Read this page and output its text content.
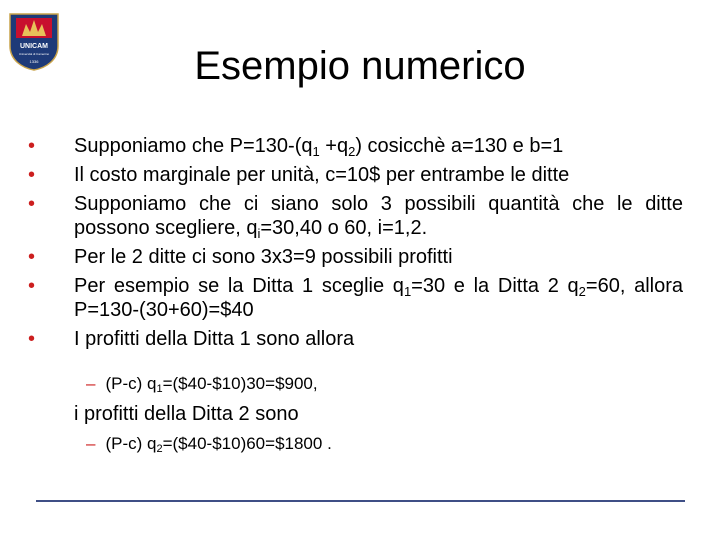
UNICAM
Università di Camerino
1336	Esempio numerico
• Supponiamo che $P=130-(q_1 +q_2)$ cosicchè a=130 e b=1
• Il costo marginale per unità, c=10$ per entrambe le ditte
• Supponiamo che ci siano solo 3 possibili quantità che le ditte possono scegliere, $q_i=30,40$ o 60, i=1,2.
• Per le 2 ditte ci sono 3x3=9 possibili profitti
• Per esempio se la Ditta 1 sceglie $q_1=30$ e la Ditta 2 $q_2=60$, allora P=130-(30+60)=$40
• I profitti della Ditta 1 sono allora
– (P-c) $q_1=(\$40-\$10)30=\$900$,
i profitti della Ditta 2 sono
– (P-c) $q_2=(\$40-\$10)60=\$1800$ .
